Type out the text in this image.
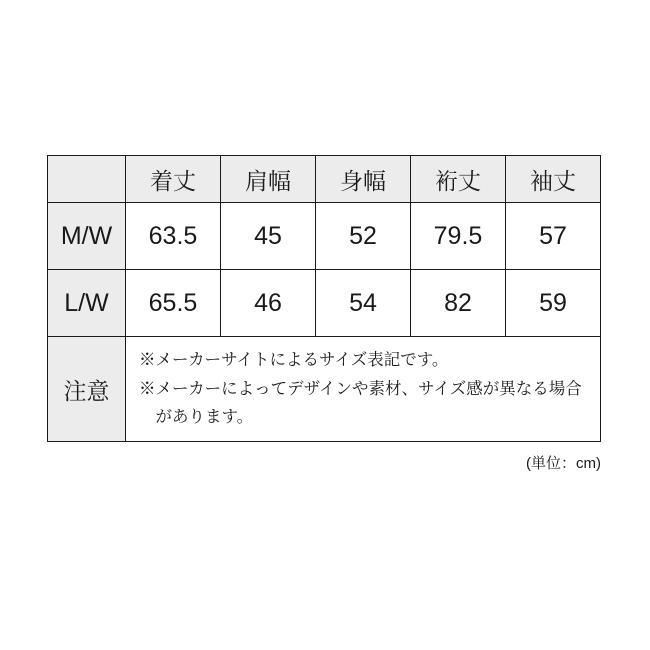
	着丈	肩幅	身幅	裄丈	袖丈
M/W	63.5	45	52	79.5	57
L/W	65.5	46	54	82	59
注意	※メーカーサイトによるサイズ表記です。

※メーカーによってデザインや素材、サイズ感が異なる場合があります。				

(単位：cm)
